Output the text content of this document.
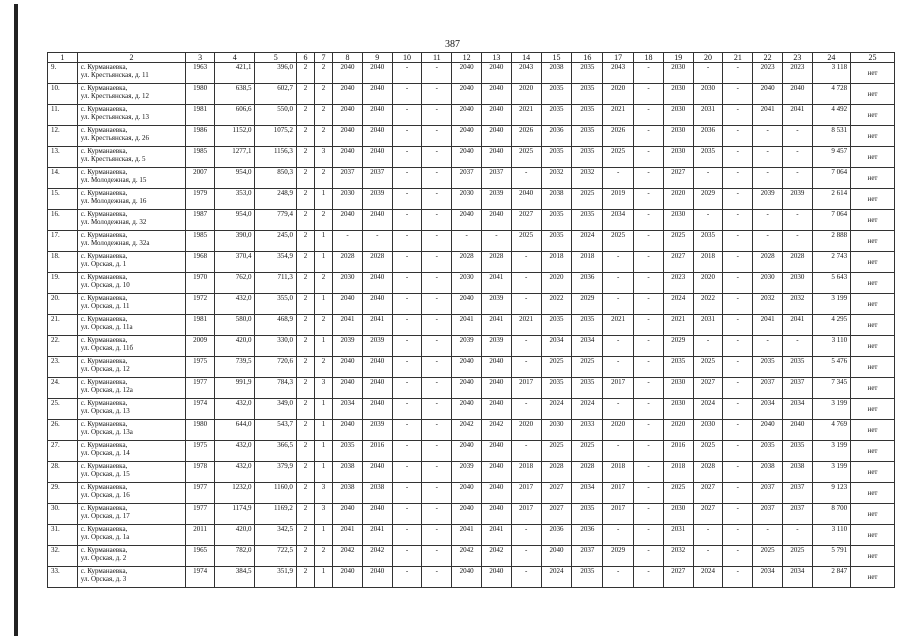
387
1	2	3	4	5	6	7	8	9	10	11	12	13	14	15	16	17	18	19	20	21	22	23	24	25
9.	с. Курманаевка,
ул. Крестьянская, д. 11	1963	421,1	396,0	2	2	2040	2040	-	-	2040	2040	2043	2038	2035	2043	-	2030	-	-	2023	2023	3 118	нет
10.	с. Курманаевка,
ул. Крестьянская, д. 12	1980	638,5	602,7	2	2	2040	2040	-	-	2040	2040	2020	2035	2035	2020	-	2030	2030	-	2040	2040	4 728	нет
11.	с. Курманаевка,
ул. Крестьянская, д. 13	1981	606,6	550,0	2	2	2040	2040	-	-	2040	2040	2021	2035	2035	2021	-	2030	2031	-	2041	2041	4 492	нет
12.	с. Курманаевка,
ул. Крестьянская, д. 26	1986	1152,0	1075,2	2	2	2040	2040	-	-	2040	2040	2026	2036	2035	2026	-	2030	2036	-	-	-	8 531	нет
13.	с. Курманаевка,
ул. Крестьянская, д. 5	1985	1277,1	1156,3	2	3	2040	2040	-	-	2040	2040	2025	2035	2035	2025	-	2030	2035	-	-	-	9 457	нет
14.	с. Курманаевка,
ул. Молодежная, д. 15	2007	954,0	850,3	2	2	2037	2037	-	-	2037	2037	-	2032	2032	-	-	2027	-	-	-	-	7 064	нет
15.	с. Курманаевка,
ул. Молодежная, д. 16	1979	353,0	248,9	2	1	2030	2039	-	-	2030	2039	2040	2038	2025	2019	-	2020	2029	-	2039	2039	2 614	нет
16.	с. Курманаевка,
ул. Молодежная, д. 32	1987	954,0	779,4	2	2	2040	2040	-	-	2040	2040	2027	2035	2035	2034	-	2030	-	-	-	-	7 064	нет
17.	с. Курманаевка,
ул. Молодежная, д. 32а	1985	390,0	245,0	2	1	-	-	-	-	-	-	2025	2035	2024	2025	-	2025	2035	-	-	-	2 888	нет
18.	с. Курманаевка,
ул. Орская, д. 1	1968	370,4	354,9	2	1	2028	2028	-	-	2028	2028	-	2018	2018	-	-	2027	2018	-	2028	2028	2 743	нет
19.	с. Курманаевка,
ул. Орская, д. 10	1970	762,0	711,3	2	2	2030	2040	-	-	2030	2041	-	2020	2036	-	-	2023	2020	-	2030	2030	5 643	нет
20.	с. Курманаевка,
ул. Орская, д. 11	1972	432,0	355,0	2	1	2040	2040	-	-	2040	2039	-	2022	2029	-	-	2024	2022	-	2032	2032	3 199	нет
21.	с. Курманаевка,
ул. Орская, д. 11а	1981	580,0	468,9	2	2	2041	2041	-	-	2041	2041	2021	2035	2035	2021	-	2021	2031	-	2041	2041	4 295	нет
22.	с. Курманаевка,
ул. Орская, д. 11б	2009	420,0	330,0	2	1	2039	2039	-	-	2039	2039	-	2034	2034	-	-	2029	-	-	-	-	3 110	нет
23.	с. Курманаевка,
ул. Орская, д. 12	1975	739,5	720,6	2	2	2040	2040	-	-	2040	2040	-	2025	2025	-	-	2035	2025	-	2035	2035	5 476	нет
24.	с. Курманаевка,
ул. Орская, д. 12а	1977	991,9	784,3	2	3	2040	2040	-	-	2040	2040	2017	2035	2035	2017	-	2030	2027	-	2037	2037	7 345	нет
25.	с. Курманаевка,
ул. Орская, д. 13	1974	432,0	349,0	2	1	2034	2040	-	-	2040	2040	-	2024	2024	-	-	2030	2024	-	2034	2034	3 199	нет
26.	с. Курманаевка,
ул. Орская, д. 13а	1980	644,0	543,7	2	1	2040	2039	-	-	2042	2042	2020	2030	2033	2020	-	2020	2030	-	2040	2040	4 769	нет
27.	с. Курманаевка,
ул. Орская, д. 14	1975	432,0	366,5	2	1	2035	2016	-	-	2040	2040	-	2025	2025	-	-	2016	2025	-	2035	2035	3 199	нет
28.	с. Курманаевка,
ул. Орская, д. 15	1978	432,0	379,9	2	1	2038	2040	-	-	2039	2040	2018	2028	2028	2018	-	2018	2028	-	2038	2038	3 199	нет
29.	с. Курманаевка,
ул. Орская, д. 16	1977	1232,0	1160,0	2	3	2038	2038	-	-	2040	2040	2017	2027	2034	2017	-	2025	2027	-	2037	2037	9 123	нет
30.	с. Курманаевка,
ул. Орская, д. 17	1977	1174,9	1169,2	2	3	2040	2040	-	-	2040	2040	2017	2027	2035	2017	-	2030	2027	-	2037	2037	8 700	нет
31.	с. Курманаевка,
ул. Орская, д. 1а	2011	420,0	342,5	2	1	2041	2041	-	-	2041	2041	-	2036	2036	-	-	2031	-	-	-	-	3 110	нет
32.	с. Курманаевка,
ул. Орская, д. 2	1965	782,0	722,5	2	2	2042	2042	-	-	2042	2042	-	2040	2037	2029	-	2032	-	-	2025	2025	5 791	нет
33.	с. Курманаевка,
ул. Орская, д. 3	1974	384,5	351,9	2	1	2040	2040	-	-	2040	2040	-	2024	2035	-	-	2027	2024	-	2034	2034	2 847	нет
